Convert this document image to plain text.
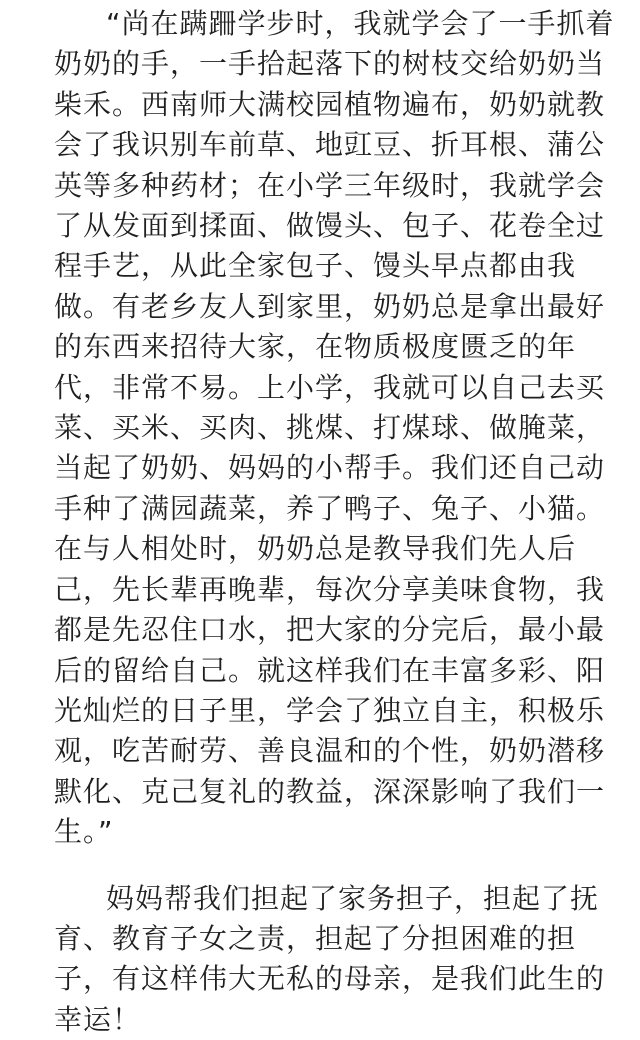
“尚在蹒跚学步时，我就学会了一手抓着
奶奶的手，一手拾起落下的树枝交给奶奶当
柴禾。西南师大满校园植物遍布，奶奶就教
会了我识别车前草、地豇豆、折耳根、蒲公
英等多种药材；在小学三年级时，我就学会
了从发面到揉面、做馒头、包子、花卷全过
程手艺，从此全家包子、馒头早点都由我
做。有老乡友人到家里，奶奶总是拿出最好
的东西来招待大家，在物质极度匮乏的年
代，非常不易。上小学，我就可以自己去买
菜、买米、买肉、挑煤、打煤球、做腌菜，
当起了奶奶、妈妈的小帮手。我们还自己动
手种了满园蔬菜，养了鸭子、兔子、小猫。
在与人相处时，奶奶总是教导我们先人后
己，先长辈再晚辈，每次分享美味食物，我
都是先忍住口水，把大家的分完后，最小最
后的留给自己。就这样我们在丰富多彩、阳
光灿烂的日子里，学会了独立自主，积极乐
观，吃苦耐劳、善良温和的个性，奶奶潜移
默化、克己复礼的教益，深深影响了我们一
生。”
妈妈帮我们担起了家务担子，担起了抚
育、教育子女之责，担起了分担困难的担
子，有这样伟大无私的母亲，是我们此生的
幸运！
